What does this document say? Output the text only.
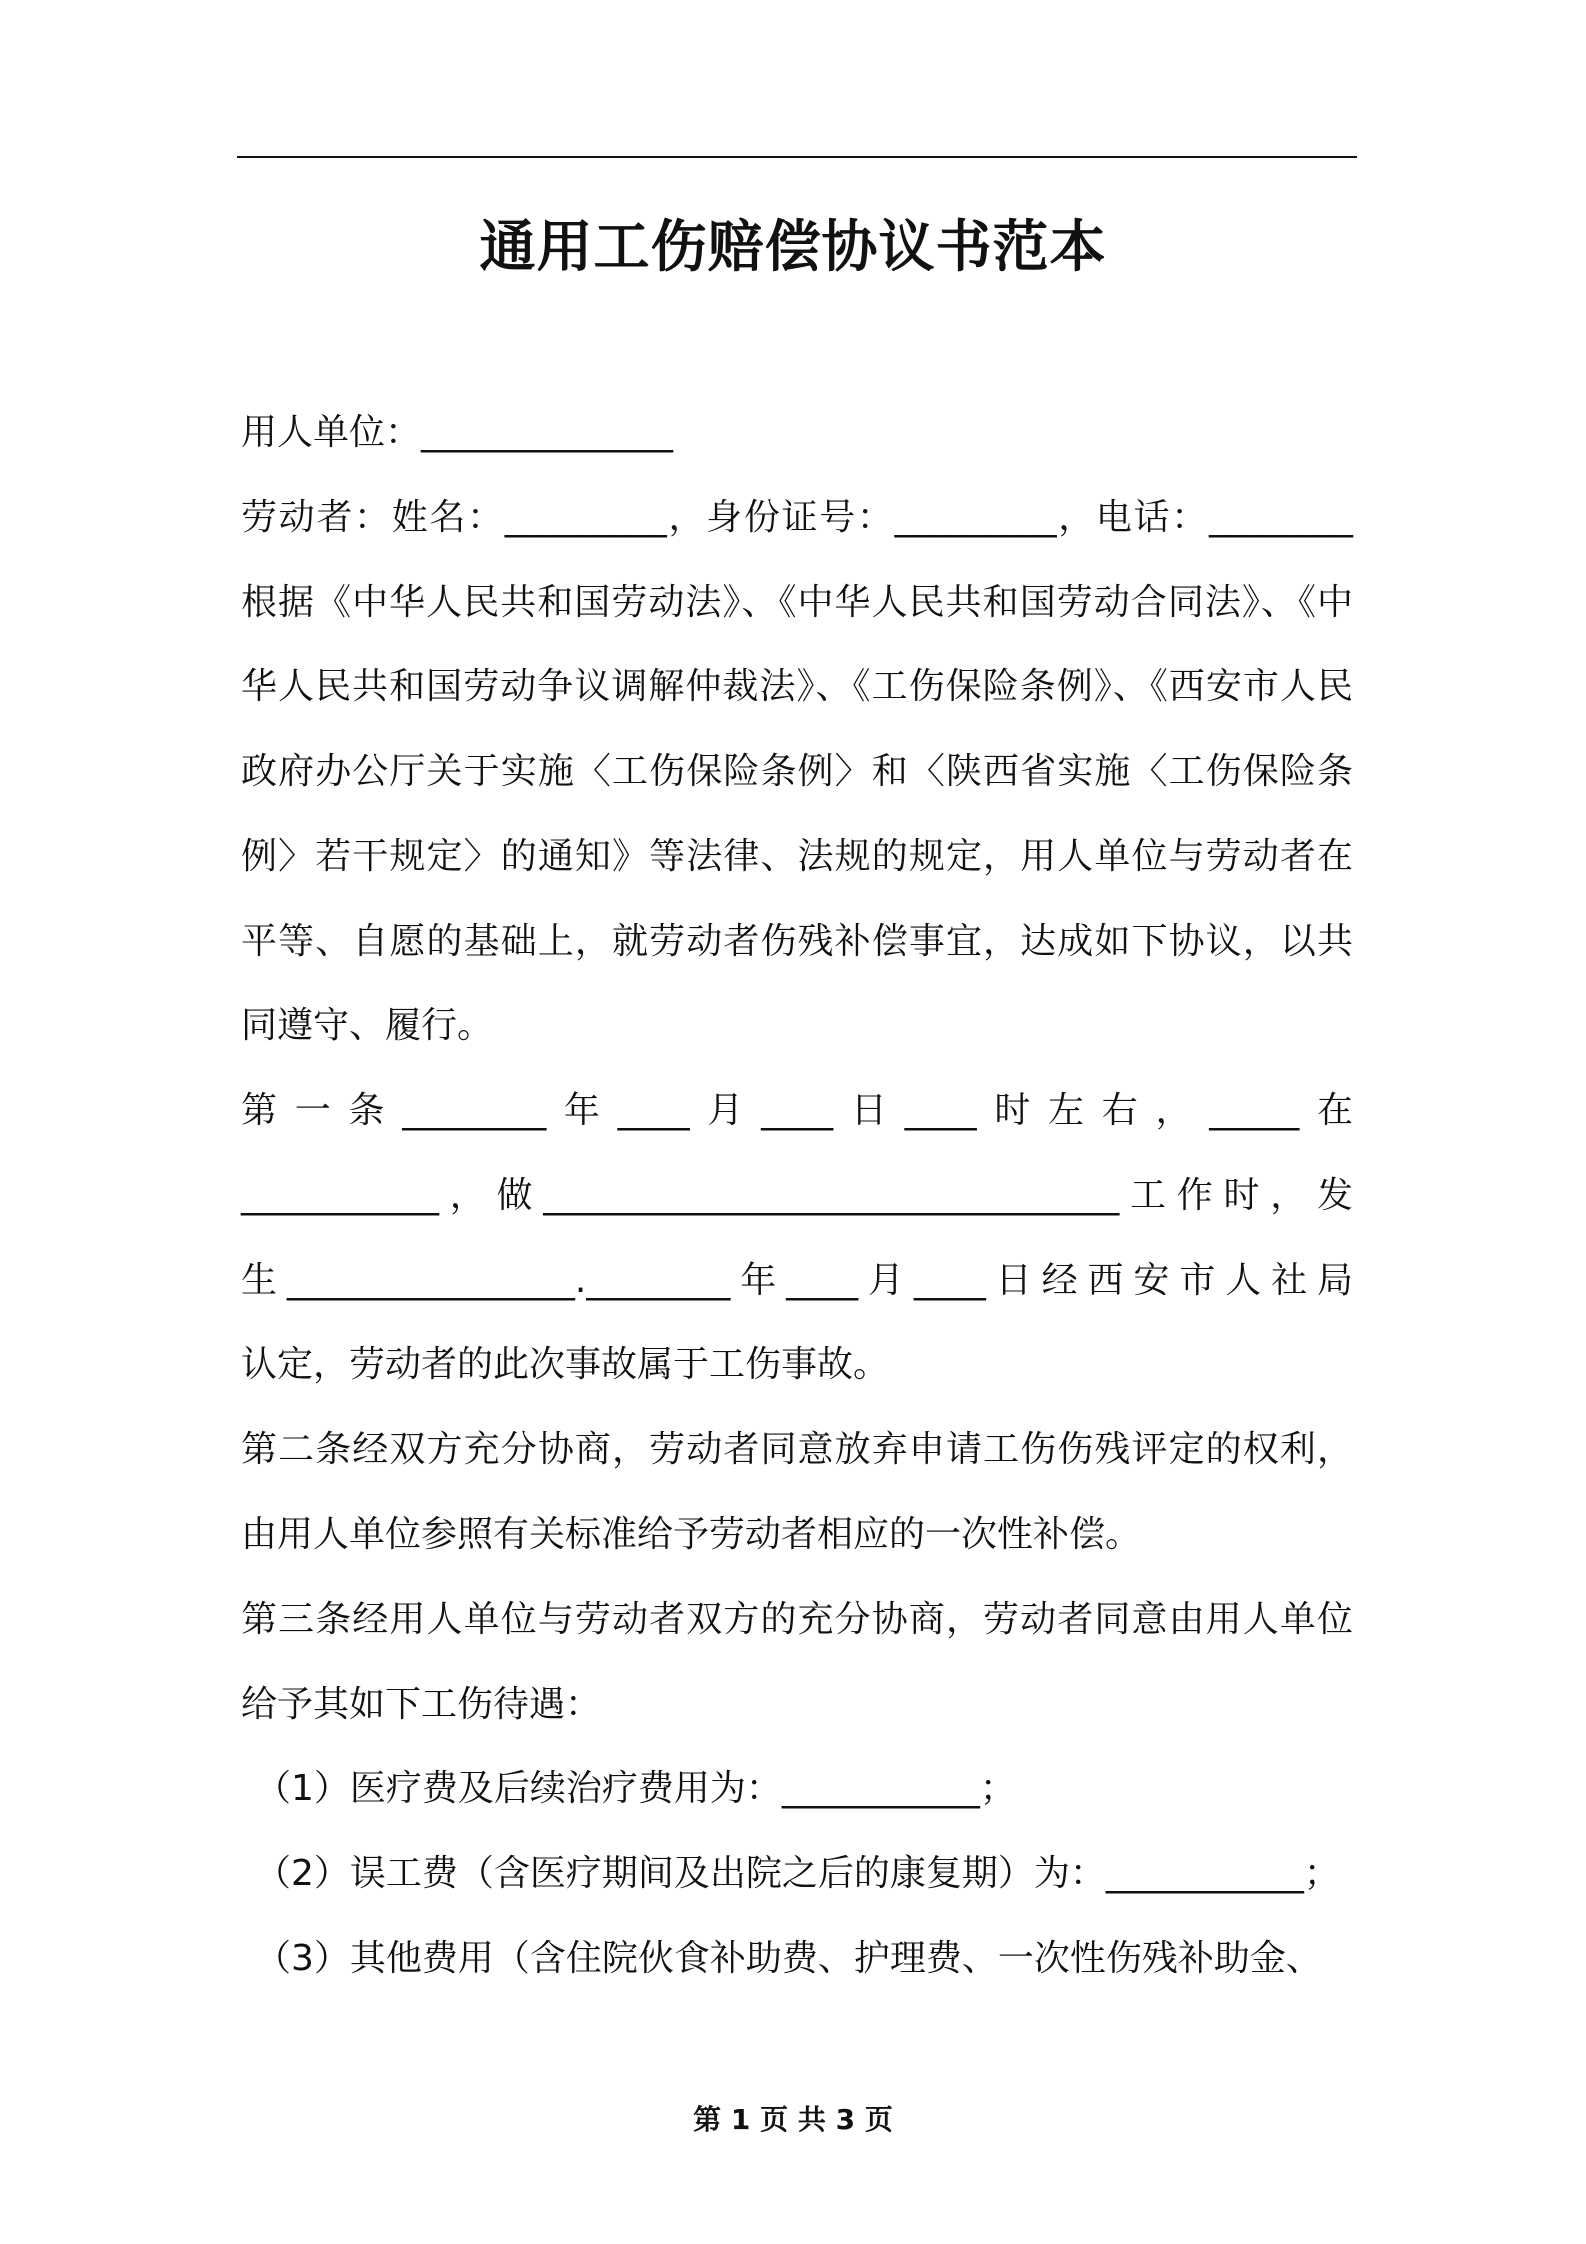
通用工伤赔偿协议书范本
用人单位：______________
劳动者：姓名：_________，身份证号：_________，电话：________
根据《中华人民共和国劳动法》、《中华人民共和国劳动合同法》、《中
华人民共和国劳动争议调解仲裁法》、《工伤保险条例》、《西安市人民
政府办公厅关于实施〈工伤保险条例〉和〈陕西省实施〈工伤保险条
例〉若干规定〉的通知》等法律、法规的规定，用人单位与劳动者在
平等、自愿的基础上，就劳动者伤残补偿事宜，达成如下协议，以共
同遵守、履行。
第一条________年____月____日____时左右，_____在
___________，做________________________________工作时，发
生________________.________年____月____日经西安市人社局
认定，劳动者的此次事故属于工伤事故。
第二条经双方充分协商，劳动者同意放弃申请工伤伤残评定的权利，
由用人单位参照有关标准给予劳动者相应的一次性补偿。
第三条经用人单位与劳动者双方的充分协商，劳动者同意由用人单位
给予其如下工伤待遇：
（1）医疗费及后续治疗费用为：___________；
（2）误工费（含医疗期间及出院之后的康复期）为：___________；
（3）其他费用（含住院伙食补助费、护理费、一次性伤残补助金、
第 1 页 共 3 页
